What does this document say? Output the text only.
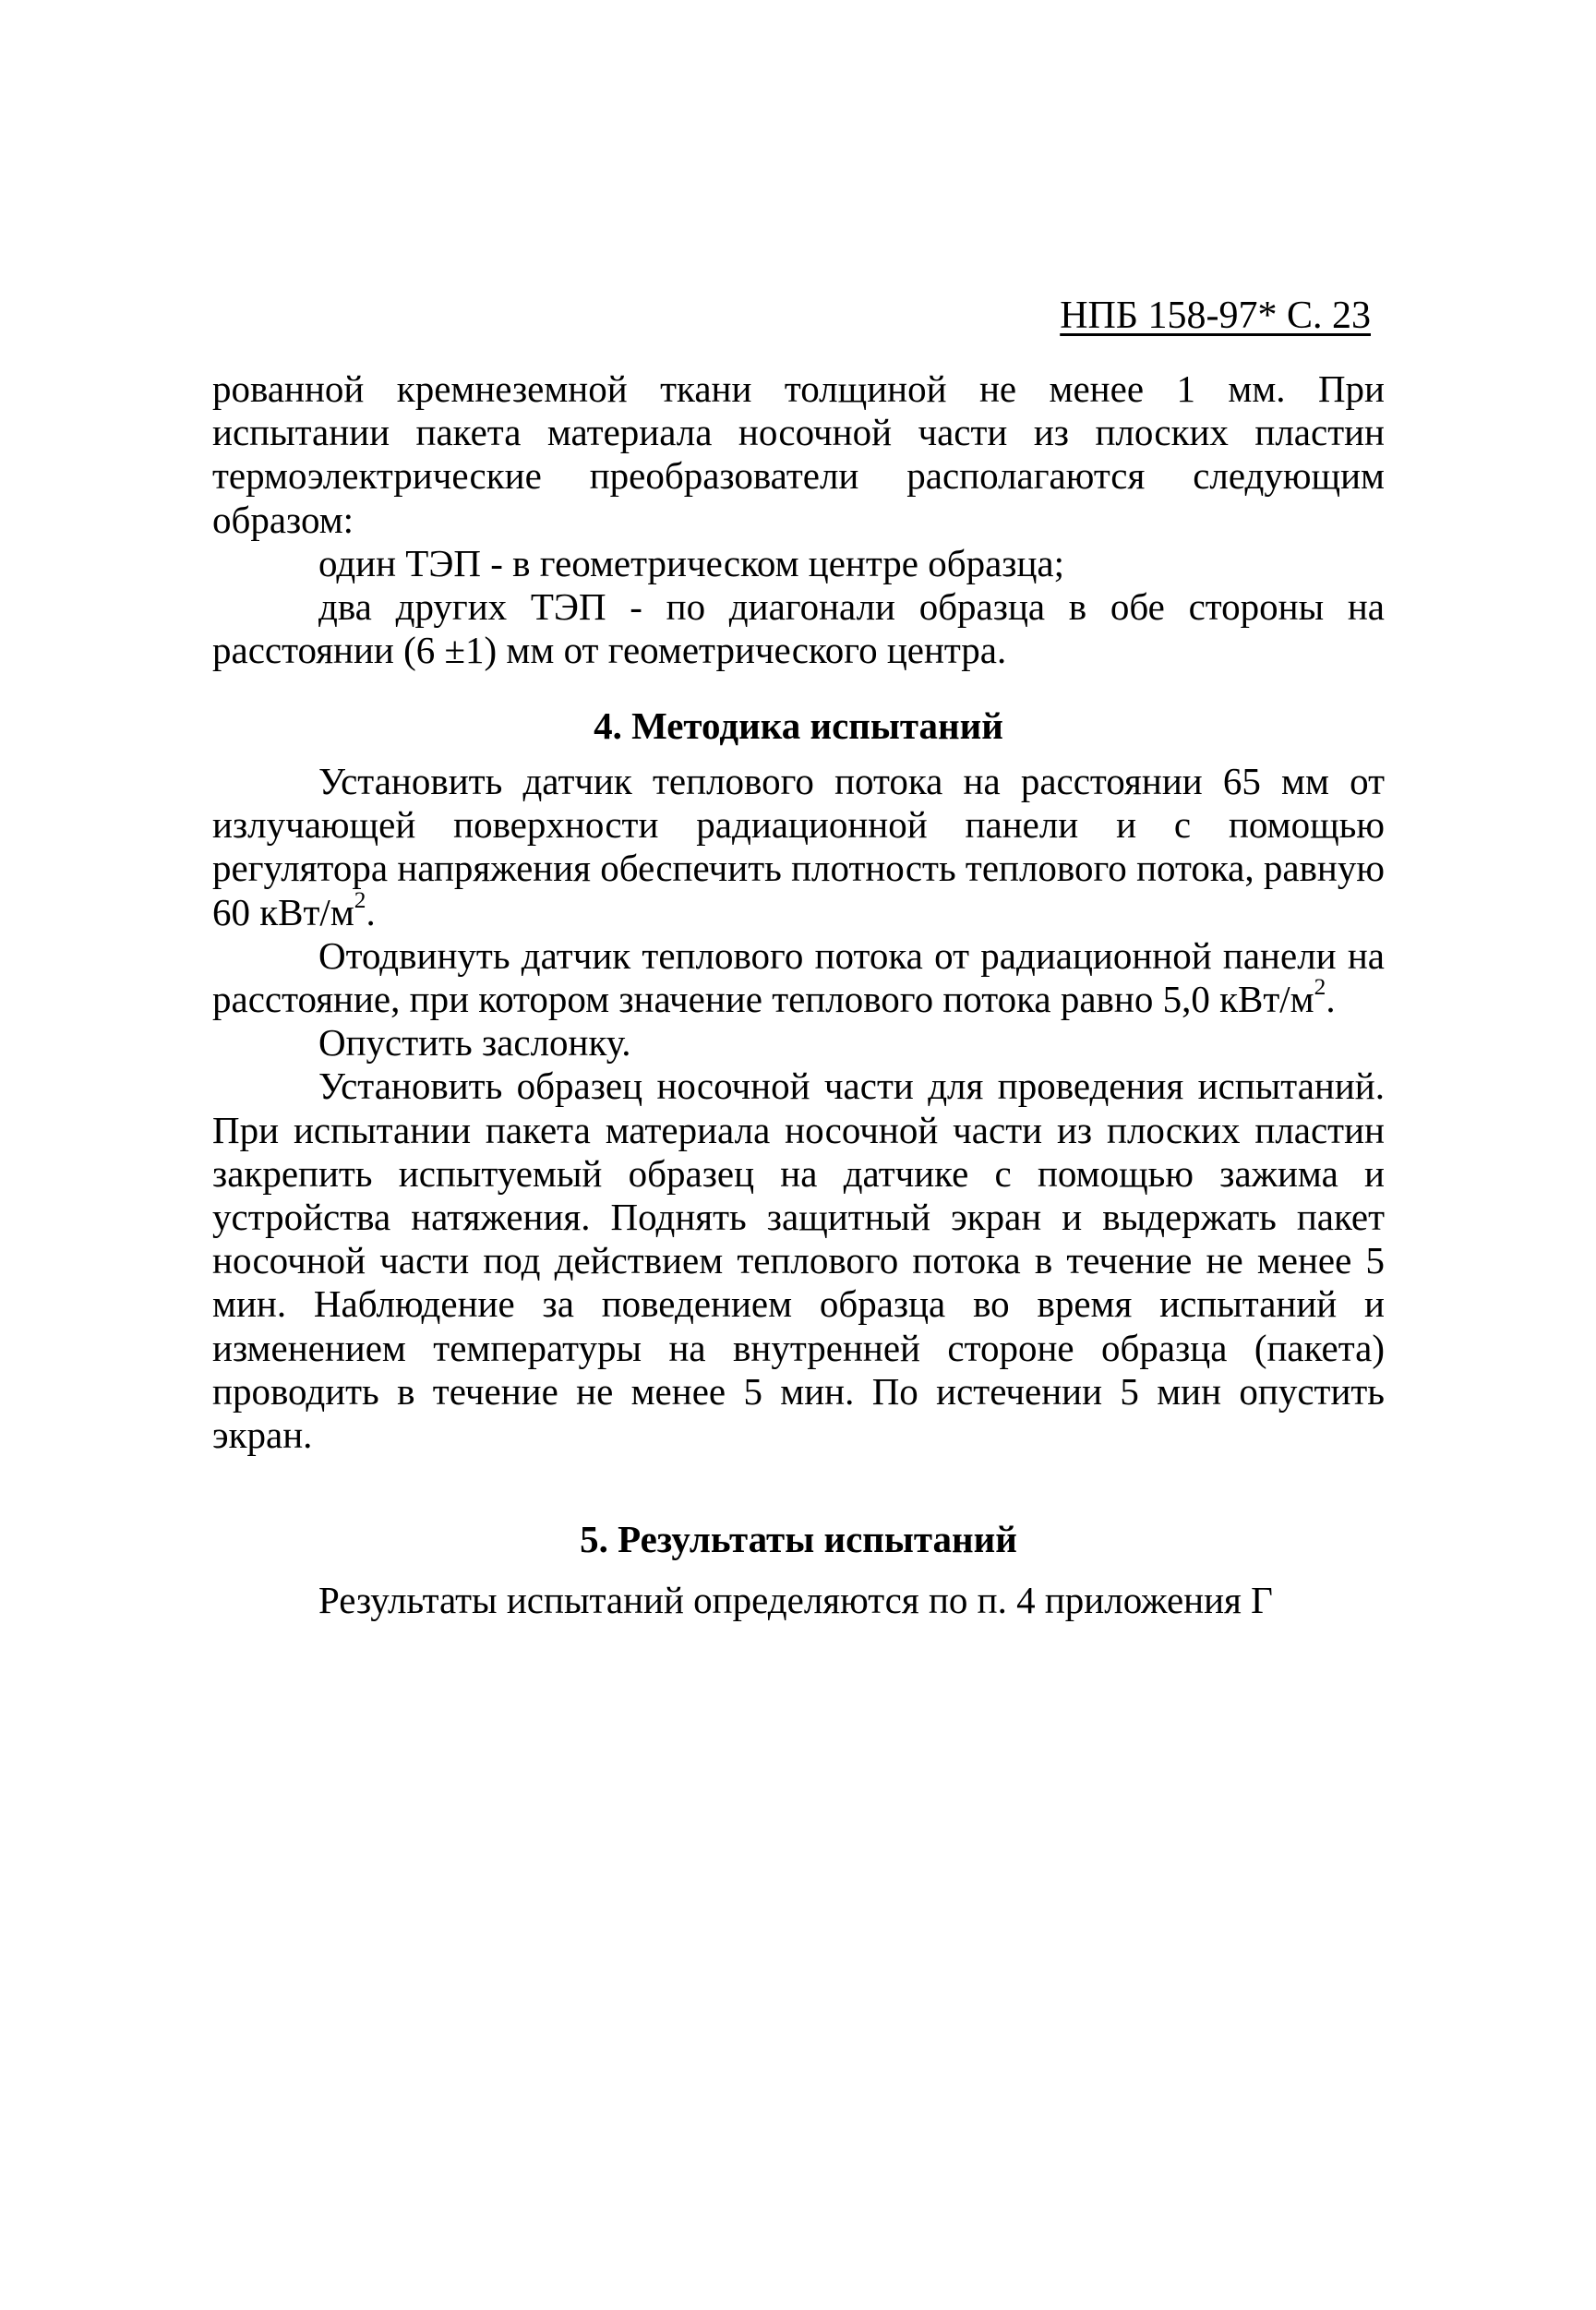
НПБ 158-97* С. 23

рованной кремнеземной ткани толщиной не менее 1 мм. При испытании пакета материала носочной части из плоских пластин термоэлектрические преобразователи располагаются следующим образом:

один ТЭП - в геометрическом центре образца;

два других ТЭП - по диагонали образца в обе стороны на расстоянии (6 ±1) мм от геометрического центра.

4. Методика испытаний

Установить датчик теплового потока на расстоянии 65 мм от излучающей поверхности радиационной панели и с помощью регулятора напряжения обеспечить плотность теплового потока, равную 60 кВт/$м^2$.

Отодвинуть датчик теплового потока от радиационной панели на расстояние, при котором значение теплового потока равно 5,0 кВт/$м^2$.

Опустить заслонку.

Установить образец носочной части для проведения испытаний. При испытании пакета материала носочной части из плоских пластин закрепить испытуемый образец на датчике с помощью зажима и устройства натяжения. Поднять защитный экран и выдержать пакет носочной части под действием теплового потока в течение не менее 5 мин. Наблюдение за поведением образца во время испытаний и изменением температуры на внутренней стороне образца (пакета) проводить в течение не менее 5 мин. По истечении 5 мин опустить экран.

5. Результаты испытаний

Результаты испытаний определяются по п. 4 приложения Г
